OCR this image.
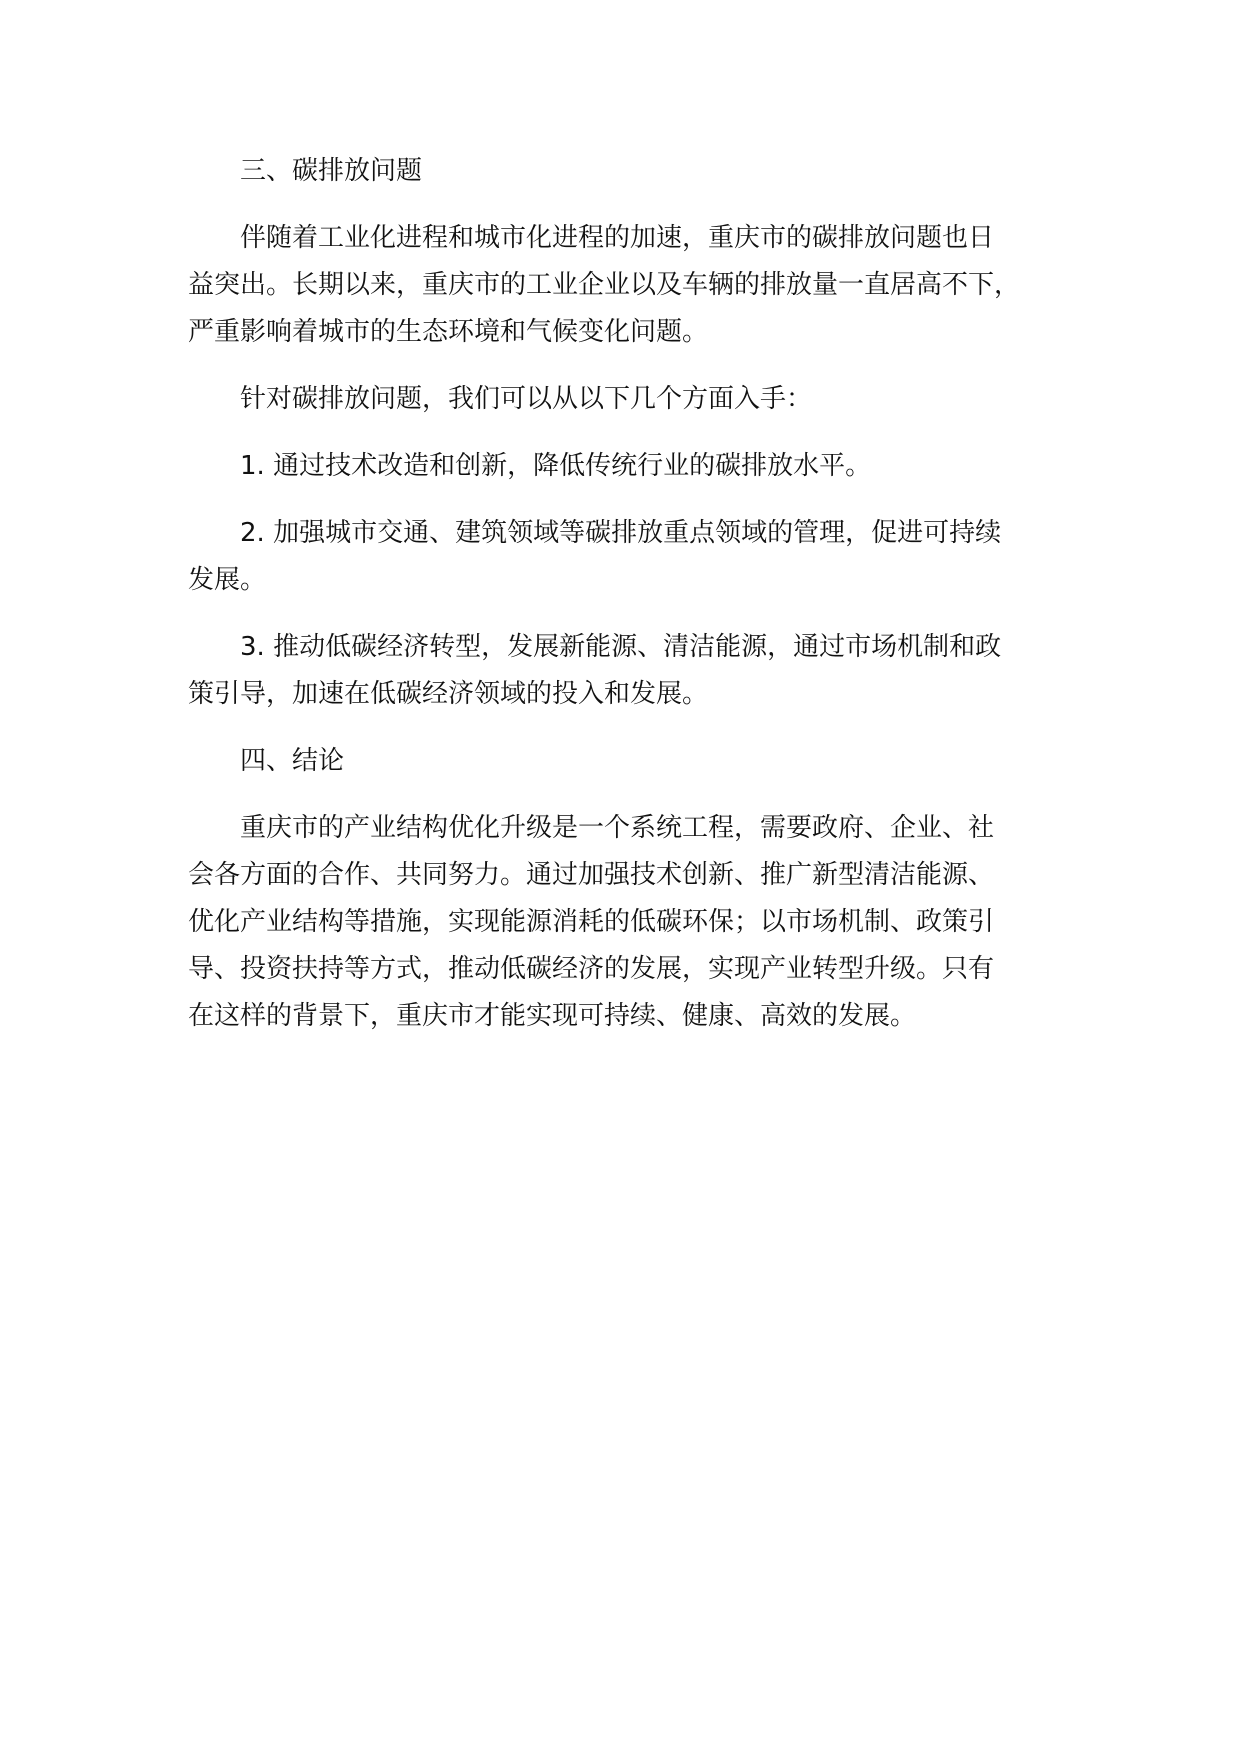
三、碳排放问题
伴随着工业化进程和城市化进程的加速，重庆市的碳排放问题也日
益突出。长期以来，重庆市的工业企业以及车辆的排放量一直居高不下，
严重影响着城市的生态环境和气候变化问题。
针对碳排放问题，我们可以从以下几个方面入手：
1. 通过技术改造和创新，降低传统行业的碳排放水平。
2. 加强城市交通、建筑领域等碳排放重点领域的管理，促进可持续
发展。
3. 推动低碳经济转型，发展新能源、清洁能源，通过市场机制和政
策引导，加速在低碳经济领域的投入和发展。
四、结论
重庆市的产业结构优化升级是一个系统工程，需要政府、企业、社
会各方面的合作、共同努力。通过加强技术创新、推广新型清洁能源、
优化产业结构等措施，实现能源消耗的低碳环保；以市场机制、政策引
导、投资扶持等方式，推动低碳经济的发展，实现产业转型升级。只有
在这样的背景下，重庆市才能实现可持续、健康、高效的发展。
